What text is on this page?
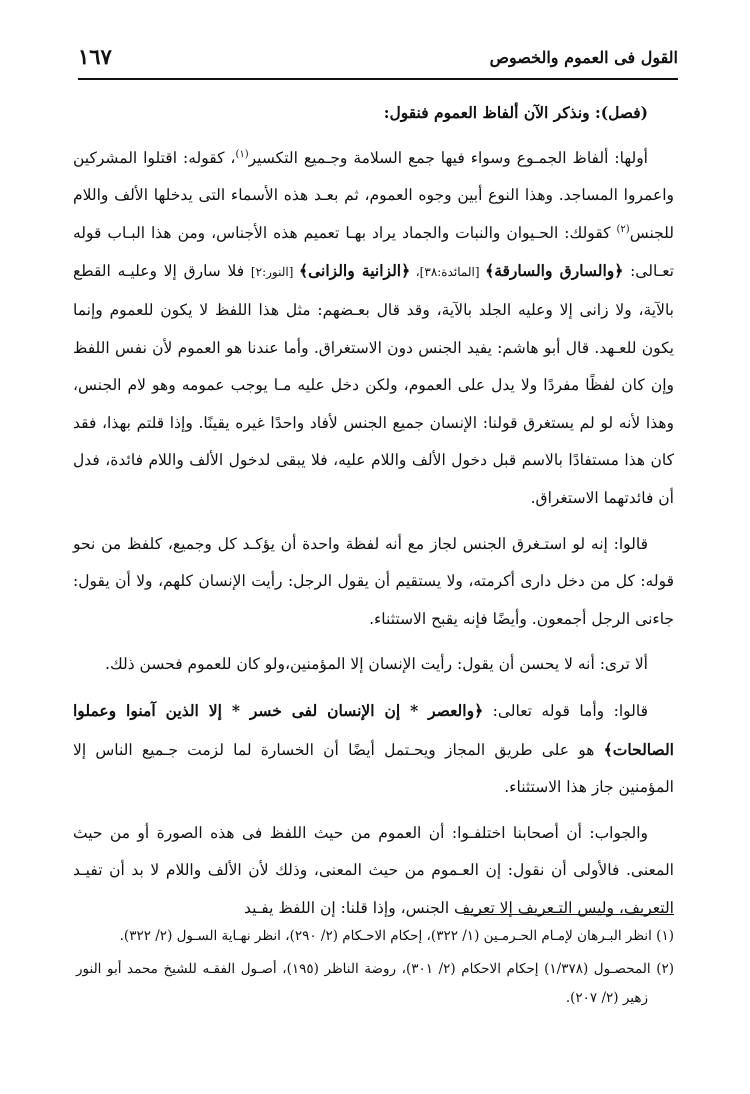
القول فى العموم والخصوص
١٦٧

(فصل): ونذكر الآن ألفاظ العموم فنقول:

أولها: ألفاظ الجمـوع وسواء فيها جمع السلامة وجـميع التكسير$^{(١)}$، كقوله: اقتلوا المشركين واعمروا المساجد. وهذا النوع أبين وجوه العموم، ثم بعـد هذه الأسماء التى يدخلها الألف واللام للجنس$^{(٢)}$ كقولك: الحـيوان والنبات والجماد يراد بهـا تعميم هذه الأجناس، ومن هذا البـاب قوله تعـالى: ﴿والسارق والسارقة﴾ [المائدة:٣٨]، ﴿الزانية والزانى﴾ [النور:٢] فلا سارق إلا وعليـه القطع بالآية، ولا زانى إلا وعليه الجلد بالآية، وقد قال بعـضهم: مثل هذا اللفظ لا يكون للعموم وإنما يكون للعـهد. قال أبو هاشم: يفيد الجنس دون الاستغراق. وأما عندنا هو العموم لأن نفس اللفظ وإن كان لفظًا مفردًا ولا يدل على العموم، ولكن دخل عليه مـا يوجب عمومه وهو لام الجنس، وهذا لأنه لو لم يستغرق قولنا: الإنسان جميع الجنس لأفاد واحدًا غيره يقينًا. وإذا قلتم بهذا، فقد كان هذا مستفادًا بالاسم قبل دخول الألف واللام عليه، فلا يبقى لدخول الألف واللام فائدة، فدل أن فائدتهما الاستغراق.

قالوا: إنه لو استـغرق الجنس لجاز مع أنه لفظة واحدة أن يؤكـد كل وجميع، كلفظ من نحو قوله: كل من دخل دارى أكرمته، ولا يستقيم أن يقول الرجل: رأيت الإنسان كلهم، ولا أن يقول: جاءنى الرجل أجمعون. وأيضًا فإنه يقبح الاستثناء.

ألا ترى: أنه لا يحسن أن يقول: رأيت الإنسان إلا المؤمنين،ولو كان للعموم فحسن ذلك.

قالوا: وأما قوله تعالى: ﴿والعصر * إن الإنسان لفى خسر * إلا الذين آمنوا وعملوا الصالحات﴾ هو على طريق المجاز ويحـتمل أيضًا أن الخسارة لما لزمت جـميع الناس إلا المؤمنين جاز هذا الاستثناء.

والجواب: أن أصحابنا اختلفـوا: أن العموم من حيث اللفظ فى هذه الصورة أو من حيث المعنى. فالأولى أن نقول: إن العـموم من حيث المعنى، وذلك لأن الألف واللام لا بد أن تفيـد التعريف، وليس التـعريف إلا تعريف الجنس، وإذا قلنا: إن اللفظ يفـيد

(١) انظر البـرهان لإمـام الحـرمـين (١/ ٣٢٢)، إحكام الاحـكام (٢/ ٢٩٠)، انظر نهـاية السـول (٢/ ٣٢٢).

(٢) المحصـول (١/٣٧٨) إحكام الاحكام (٢/ ٣٠١)، روضة الناظر (١٩٥)، أصـول الفقـه للشيخ محمد أبو النور زهير (٢/ ٢٠٧).
